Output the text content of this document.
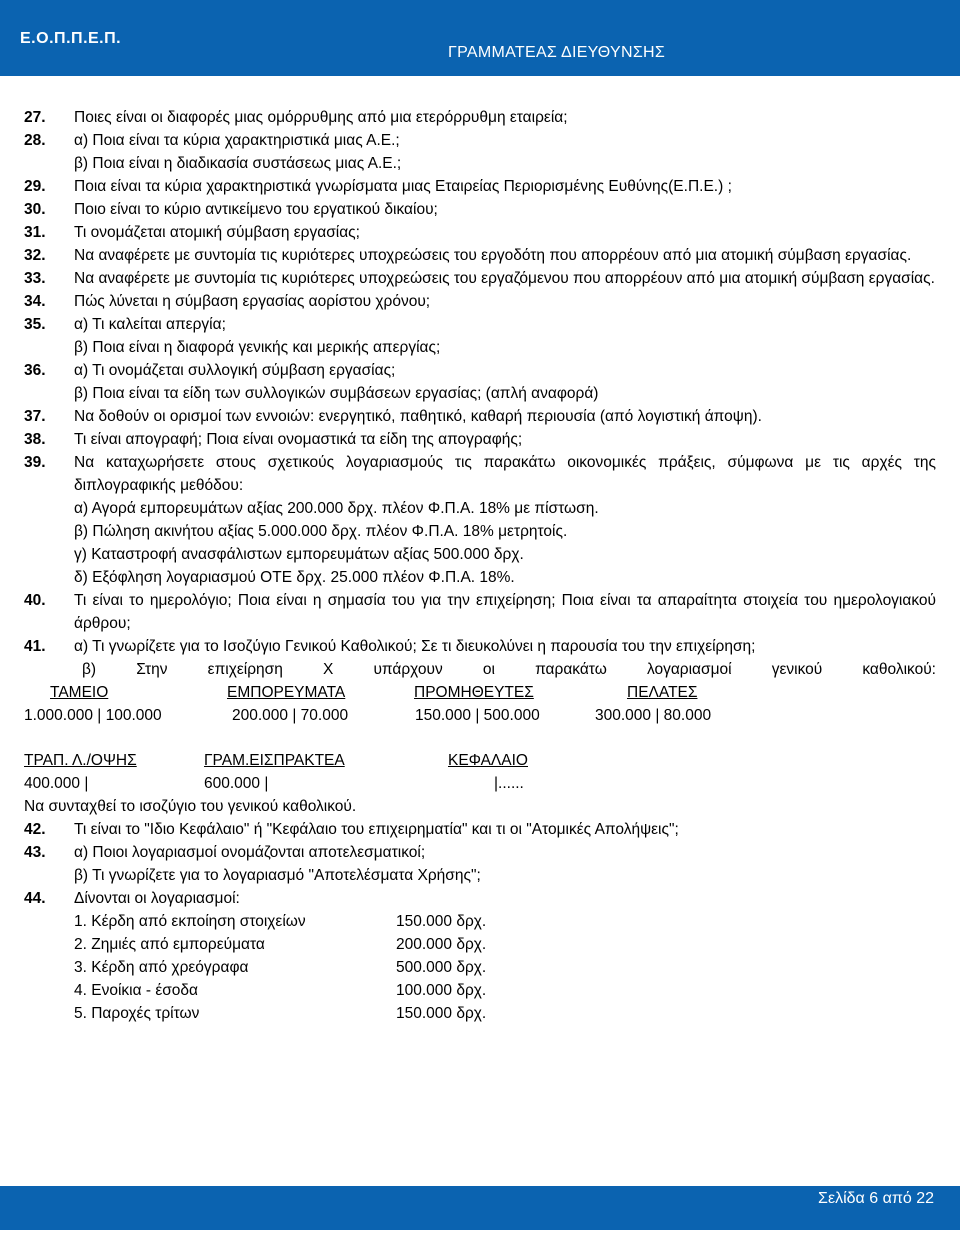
Ε.Ο.Π.Π.Ε.Π.
ΓΡΑΜΜΑΤΕΑΣ ΔΙΕΥΘΥΝΣΗΣ
27. Ποιες είναι οι διαφορές μιας ομόρρυθμης από μια ετερόρρυθμη εταιρεία;
28. α) Ποια είναι τα κύρια χαρακτηριστικά μιας Α.Ε.;
β) Ποια είναι η διαδικασία συστάσεως μιας Α.Ε.;
29. Ποια είναι τα κύρια χαρακτηριστικά γνωρίσματα μιας Εταιρείας Περιορισμένης Ευθύνης(Ε.Π.Ε.) ;
30. Ποιο είναι το κύριο αντικείμενο του εργατικού δικαίου;
31. Τι ονομάζεται ατομική σύμβαση εργασίας;
32. Να αναφέρετε με συντομία τις κυριότερες υποχρεώσεις του εργοδότη που απορρέουν από μια ατομική σύμβαση εργασίας.
33. Να αναφέρετε με συντομία τις κυριότερες υποχρεώσεις του εργαζόμενου που απορρέουν από μια ατομική σύμβαση εργασίας.
34. Πώς λύνεται η σύμβαση εργασίας αορίστου χρόνου;
35. α) Τι καλείται απεργία;
β) Ποια είναι η διαφορά γενικής και μερικής απεργίας;
36. α) Τι ονομάζεται συλλογική σύμβαση εργασίας;
β) Ποια είναι τα είδη των συλλογικών συμβάσεων εργασίας; (απλή αναφορά)
37. Να δοθούν οι ορισμοί των εννοιών: ενεργητικό, παθητικό, καθαρή περιουσία (από λογιστική άποψη).
38. Τι είναι απογραφή; Ποια είναι ονομαστικά τα είδη της απογραφής;
39. Να καταχωρήσετε στους σχετικούς λογαριασμούς τις παρακάτω οικονομικές πράξεις, σύμφωνα με τις αρχές της διπλογραφικής μεθόδου:
α) Αγορά εμπορευμάτων αξίας 200.000 δρχ. πλέον Φ.Π.Α. 18% με πίστωση.
β) Πώληση ακινήτου αξίας 5.000.000 δρχ. πλέον Φ.Π.Α. 18% μετρητοίς.
γ) Καταστροφή ανασφάλιστων εμπορευμάτων αξίας 500.000 δρχ.
δ) Εξόφληση λογαριασμού ΟΤΕ δρχ. 25.000 πλέον Φ.Π.Α. 18%.
40. Τι είναι το ημερολόγιο; Ποια είναι η σημασία του για την επιχείρηση; Ποια είναι τα απαραίτητα στοιχεία του ημερολογιακού άρθρου;
41. α) Τι γνωρίζετε για το Ισοζύγιο Γενικού Καθολικού; Σε τι διευκολύνει η παρουσία του την επιχείρηση;
β) Στην επιχείρηση Χ υπάρχουν οι παρακάτω λογαριασμοί γενικού καθολικού:
ΤΑΜΕΙΟ	ΕΜΠΟΡΕΥΜΑΤΑ	ΠΡΟΜΗΘΕΥΤΕΣ	ΠΕΛΑΤΕΣ
1.000.000 | 100.000	200.000 | 70.000	150.000 | 500.000	300.000 | 80.000
ΤΡΑΠ. Λ./ΟΨΗΣ	ΓΡΑΜ.ΕΙΣΠΡΑΚΤΕΑ	ΚΕΦΑΛΑΙΟ
400.000 |	600.000 |	|......
Να συνταχθεί το ισοζύγιο του γενικού καθολικού.
42. Τι είναι το "Ιδιο Κεφάλαιο" ή "Κεφάλαιο του επιχειρηματία" και τι οι "Ατομικές Απολήψεις";
43. α) Ποιοι λογαριασμοί ονομάζονται αποτελεσματικοί;
β) Τι γνωρίζετε για το λογαριασμό "Αποτελέσματα Χρήσης";
44. Δίνονται οι λογαριασμοί:
1. Κέρδη από εκποίηση στοιχείων	150.000 δρχ.
2. Ζημιές από εμπορεύματα	200.000 δρχ.
3. Κέρδη από χρεόγραφα	500.000 δρχ.
4. Ενοίκια - έσοδα	100.000 δρχ.
5. Παροχές τρίτων	150.000 δρχ.
Σελίδα 6 από 22
